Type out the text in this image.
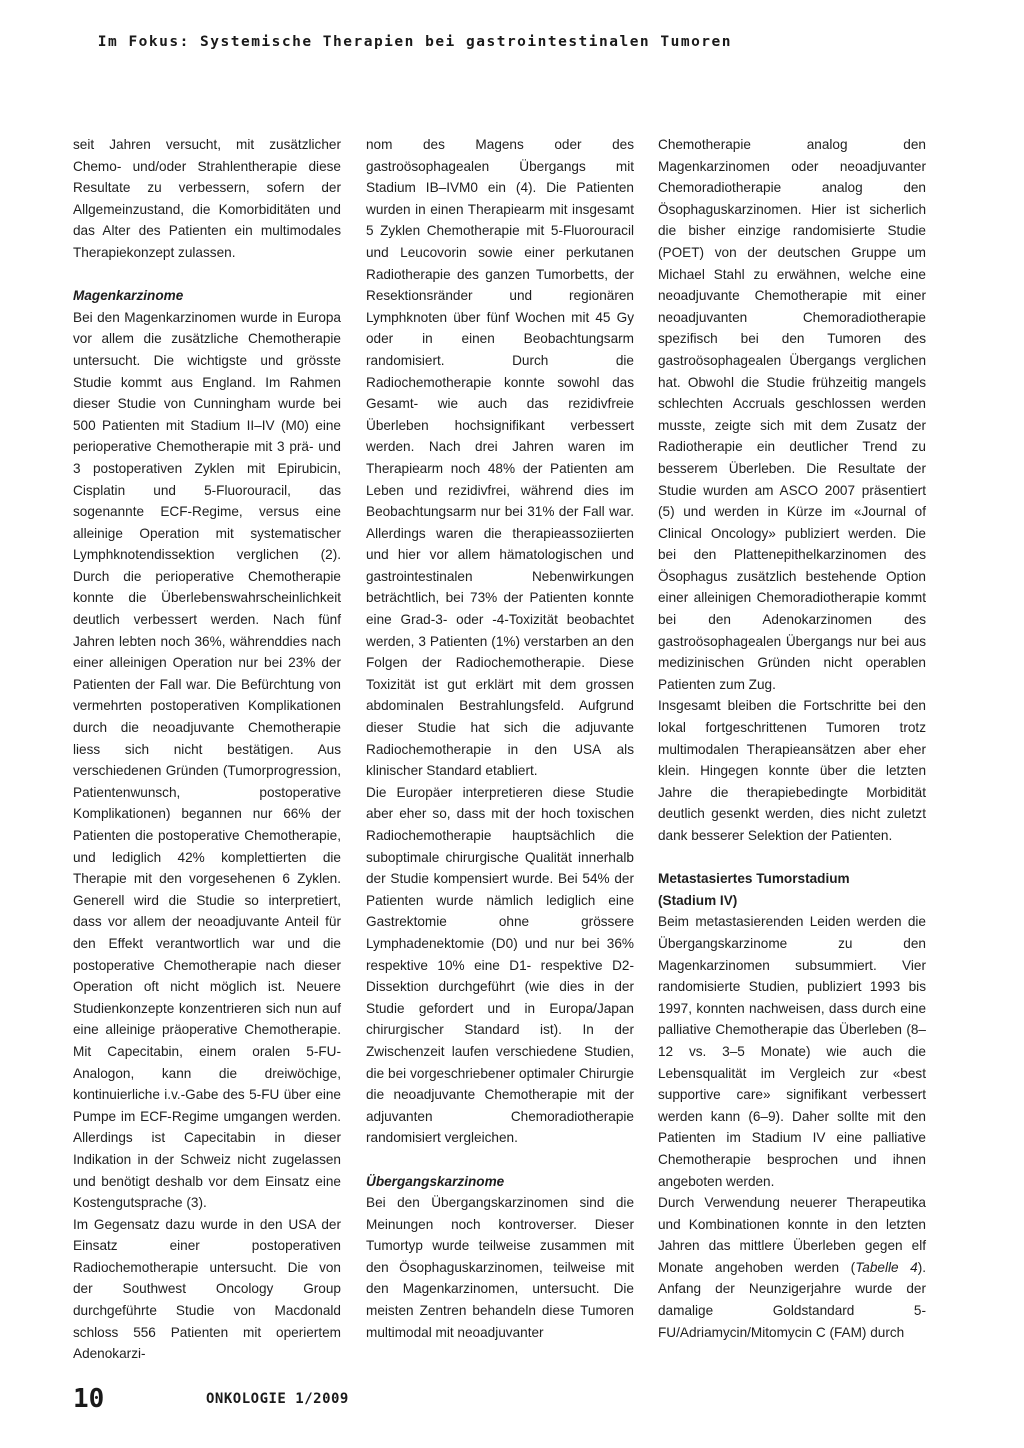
Im Fokus: Systemische Therapien bei gastrointestinalen Tumoren

seit Jahren versucht, mit zusätzlicher Chemo- und/oder Strahlentherapie diese Resultate zu verbessern, sofern der Allgemeinzustand, die Komorbiditäten und das Alter des Patienten ein multimodales Therapiekonzept zulassen.

Magenkarzinome

Bei den Magenkarzinomen wurde in Europa vor allem die zusätzliche Chemotherapie untersucht. Die wichtigste und grösste Studie kommt aus England. Im Rahmen dieser Studie von Cunningham wurde bei 500 Patienten mit Stadium II–IV (M0) eine perioperative Chemotherapie mit 3 prä- und 3 postoperativen Zyklen mit Epirubicin, Cisplatin und 5-Fluorouracil, das sogenannte ECF-Regime, versus eine alleinige Operation mit systematischer Lymphknotendissektion verglichen (2). Durch die perioperative Chemotherapie konnte die Überlebenswahrscheinlichkeit deutlich verbessert werden. Nach fünf Jahren lebten noch 36%, währenddies nach einer alleinigen Operation nur bei 23% der Patienten der Fall war. Die Befürchtung von vermehrten postoperativen Komplikationen durch die neoadjuvante Chemotherapie liess sich nicht bestätigen. Aus verschiedenen Gründen (Tumorprogression, Patientenwunsch, postoperative Komplikationen) begannen nur 66% der Patienten die postoperative Chemotherapie, und lediglich 42% komplettierten die Therapie mit den vorgesehenen 6 Zyklen. Generell wird die Studie so interpretiert, dass vor allem der neoadjuvante Anteil für den Effekt verantwortlich war und die postoperative Chemotherapie nach dieser Operation oft nicht möglich ist. Neuere Studienkonzepte konzentrieren sich nun auf eine alleinige präoperative Chemotherapie. Mit Capecitabin, einem oralen 5-FU-Analogon, kann die dreiwöchige, kontinuierliche i.v.-Gabe des 5-FU über eine Pumpe im ECF-Regime umgangen werden. Allerdings ist Capecitabin in dieser Indikation in der Schweiz nicht zugelassen und benötigt deshalb vor dem Einsatz eine Kostengutsprache (3).

Im Gegensatz dazu wurde in den USA der Einsatz einer postoperativen Radiochemotherapie untersucht. Die von der Southwest Oncology Group durchgeführte Studie von Macdonald schloss 556 Patienten mit operiertem Adenokarzi-

nom des Magens oder des gastroösophagealen Übergangs mit Stadium IB–IVM0 ein (4). Die Patienten wurden in einen Therapiearm mit insgesamt 5 Zyklen Chemotherapie mit 5-Fluorouracil und Leucovorin sowie einer perkutanen Radiotherapie des ganzen Tumorbetts, der Resektionsränder und regionären Lymphknoten über fünf Wochen mit 45 Gy oder in einen Beobachtungsarm randomisiert. Durch die Radiochemotherapie konnte sowohl das Gesamt- wie auch das rezidivfreie Überleben hochsignifikant verbessert werden. Nach drei Jahren waren im Therapiearm noch 48% der Patienten am Leben und rezidivfrei, während dies im Beobachtungsarm nur bei 31% der Fall war. Allerdings waren die therapieassoziierten und hier vor allem hämatologischen und gastrointestinalen Nebenwirkungen beträchtlich, bei 73% der Patienten konnte eine Grad-3- oder -4-Toxizität beobachtet werden, 3 Patienten (1%) verstarben an den Folgen der Radiochemotherapie. Diese Toxizität ist gut erklärt mit dem grossen abdominalen Bestrahlungsfeld. Aufgrund dieser Studie hat sich die adjuvante Radiochemotherapie in den USA als klinischer Standard etabliert.

Die Europäer interpretieren diese Studie aber eher so, dass mit der hoch toxischen Radiochemotherapie hauptsächlich die suboptimale chirurgische Qualität innerhalb der Studie kompensiert wurde. Bei 54% der Patienten wurde nämlich lediglich eine Gastrektomie ohne grössere Lymphadenektomie (D0) und nur bei 36% respektive 10% eine D1- respektive D2-Dissektion durchgeführt (wie dies in der Studie gefordert und in Europa/Japan chirurgischer Standard ist). In der Zwischenzeit laufen verschiedene Studien, die bei vorgeschriebener optimaler Chirurgie die neoadjuvante Chemotherapie mit der adjuvanten Chemoradiotherapie randomisiert vergleichen.

Übergangskarzinome

Bei den Übergangskarzinomen sind die Meinungen noch kontroverser. Dieser Tumortyp wurde teilweise zusammen mit den Ösophaguskarzinomen, teilweise mit den Magenkarzinomen, untersucht. Die meisten Zentren behandeln diese Tumoren multimodal mit neoadjuvanter

Chemotherapie analog den Magenkarzinomen oder neoadjuvanter Chemoradiotherapie analog den Ösophaguskarzinomen. Hier ist sicherlich die bisher einzige randomisierte Studie (POET) von der deutschen Gruppe um Michael Stahl zu erwähnen, welche eine neoadjuvante Chemotherapie mit einer neoadjuvanten Chemoradiotherapie spezifisch bei den Tumoren des gastroösophagealen Übergangs verglichen hat. Obwohl die Studie frühzeitig mangels schlechten Accruals geschlossen werden musste, zeigte sich mit dem Zusatz der Radiotherapie ein deutlicher Trend zu besserem Überleben. Die Resultate der Studie wurden am ASCO 2007 präsentiert (5) und werden in Kürze im «Journal of Clinical Oncology» publiziert werden. Die bei den Plattenepithelkarzinomen des Ösophagus zusätzlich bestehende Option einer alleinigen Chemoradiotherapie kommt bei den Adenokarzinomen des gastroösophagealen Übergangs nur bei aus medizinischen Gründen nicht operablen Patienten zum Zug.

Insgesamt bleiben die Fortschritte bei den lokal fortgeschrittenen Tumoren trotz multimodalen Therapieansätzen aber eher klein. Hingegen konnte über die letzten Jahre die therapiebedingte Morbidität deutlich gesenkt werden, dies nicht zuletzt dank besserer Selektion der Patienten.

Metastasiertes Tumorstadium

(Stadium IV)

Beim metastasierenden Leiden werden die Übergangskarzinome zu den Magenkarzinomen subsummiert. Vier randomisierte Studien, publiziert 1993 bis 1997, konnten nachweisen, dass durch eine palliative Chemotherapie das Überleben (8–12 vs. 3–5 Monate) wie auch die Lebensqualität im Vergleich zur «best supportive care» signifikant verbessert werden kann (6–9). Daher sollte mit den Patienten im Stadium IV eine palliative Chemotherapie besprochen und ihnen angeboten werden.

Durch Verwendung neuerer Therapeutika und Kombinationen konnte in den letzten Jahren das mittlere Überleben gegen elf Monate angehoben werden (Tabelle 4). Anfang der Neunzigerjahre wurde der damalige Goldstandard 5-FU/Adriamycin/Mitomycin C (FAM) durch

10	ONKOLOGIE 1/2009
